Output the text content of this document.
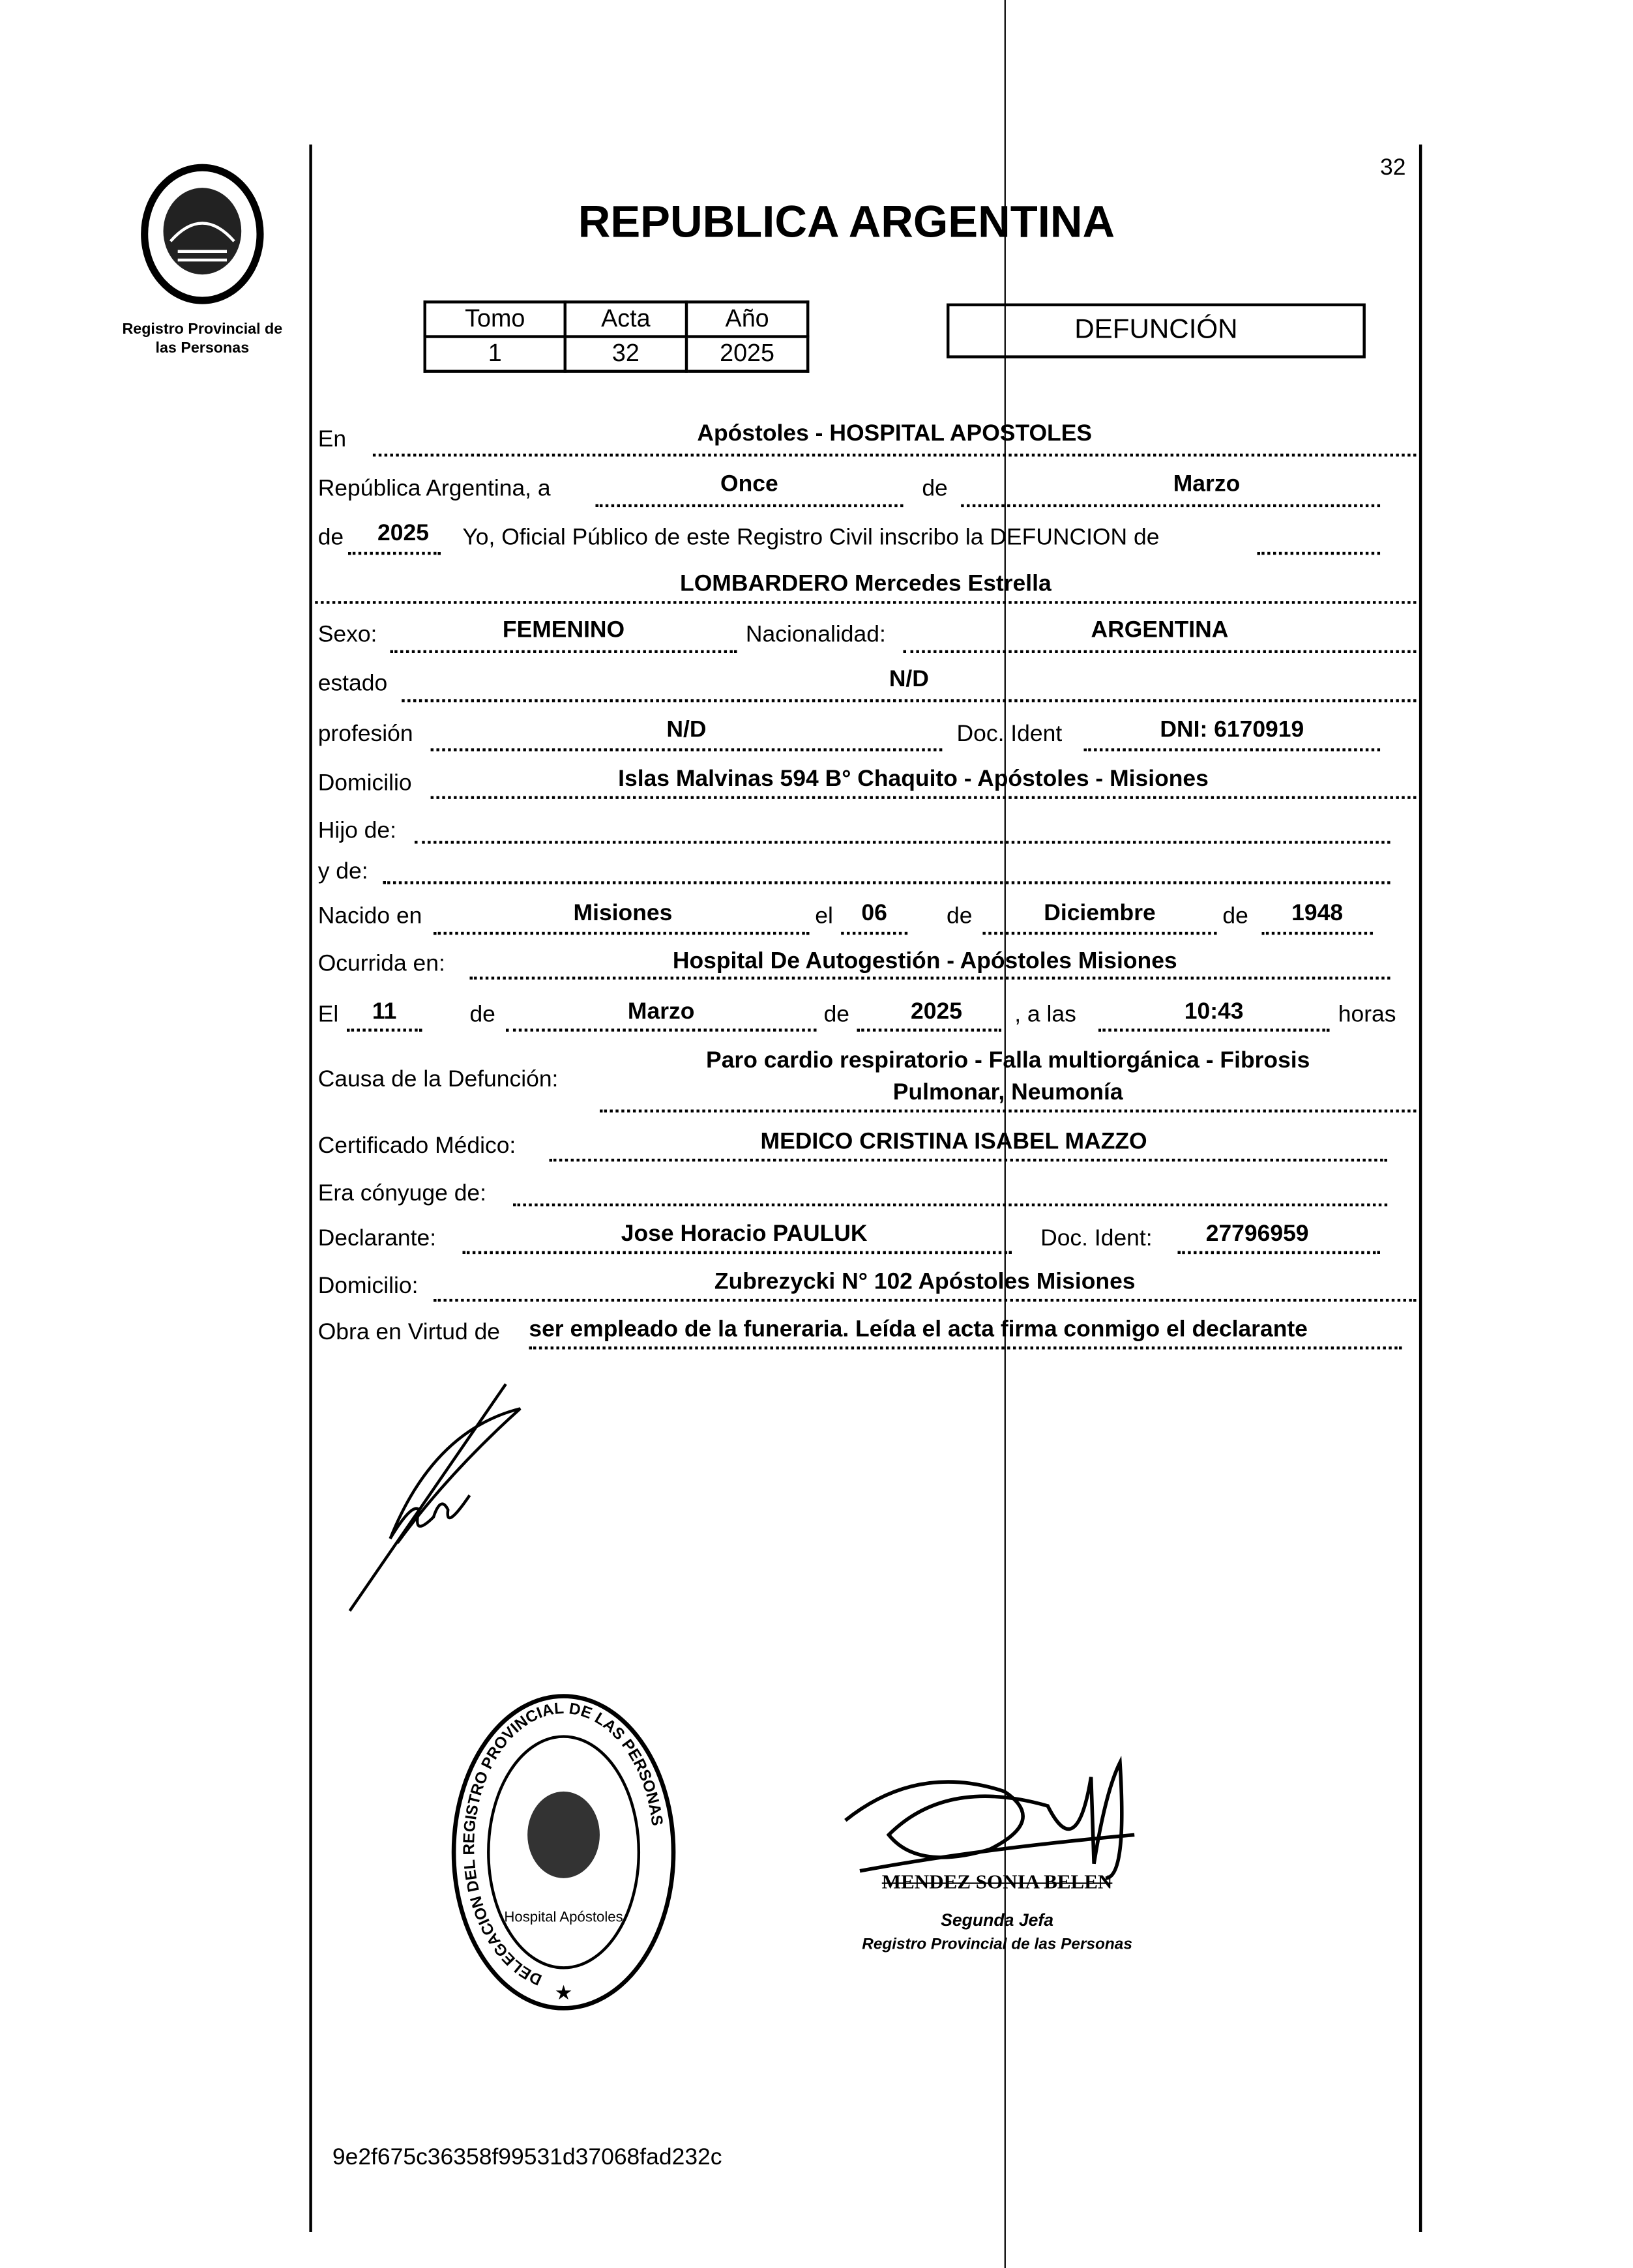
Registro Provincial de
las Personas
32
REPUBLICA ARGENTINA
Tomo	Acta	Año
1	32	2025
DEFUNCIÓN
En	Apóstoles - HOSPITAL APOSTOLES
República Argentina, a	Once	de	Marzo
de	2025	Yo, Oficial Público de este Registro Civil inscribo la DEFUNCION de
LOMBARDERO Mercedes Estrella
Sexo:	FEMENINO	Nacionalidad:	ARGENTINA
estado	N/D
profesión	N/D	Doc. Ident	DNI: 6170919
Domicilio	Islas Malvinas 594 B° Chaquito - Apóstoles - Misiones
Hijo de:
y de:
Nacido en	Misiones	el	06	de	Diciembre	de	1948
Ocurrida en:	Hospital De Autogestión - Apóstoles Misiones
El	11	de	Marzo	de	2025	, a las	10:43	horas
Causa de la Defunción:
Paro cardio respiratorio - Falla multiorgánica - Fibrosis
Pulmonar, Neumonía
Certificado Médico:	MEDICO CRISTINA ISABEL MAZZO
Era cónyuge de:
Declarante:	Jose Horacio PAULUK	Doc. Ident:	27796959
Domicilio:	Zubrezycki N° 102 Apóstoles Misiones
Obra en Virtud de	ser empleado de la funeraria. Leída el acta firma conmigo el declarante
DELEGACION DEL REGISTRO PROVINCIAL DE LAS PERSONAS
Hospital Apóstoles
★
MENDEZ SONIA BELEN
Segunda Jefa
Registro Provincial de las Personas
9e2f675c36358f99531d37068fad232c
